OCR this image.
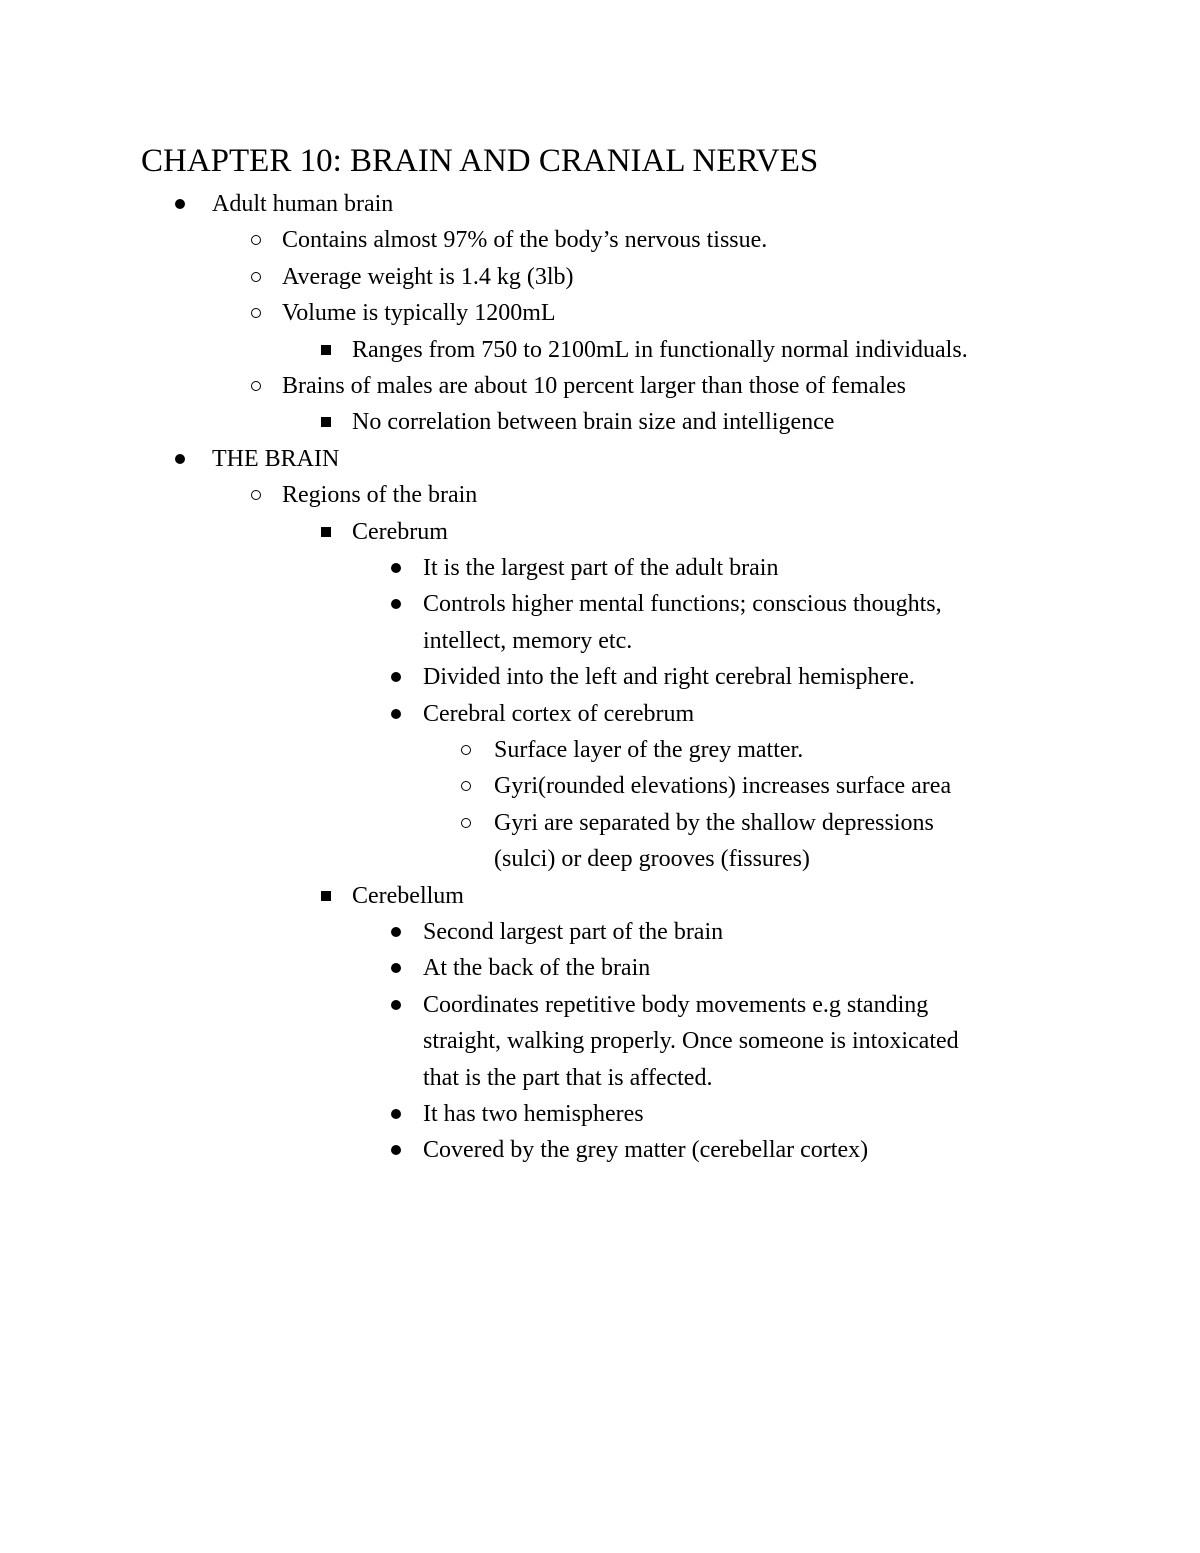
CHAPTER 10: BRAIN AND CRANIAL NERVES
Adult human brain
Contains almost 97% of the body’s nervous tissue.
Average weight is 1.4 kg (3lb)
Volume is typically 1200mL
Ranges from 750 to 2100mL in functionally normal individuals.
Brains of males are about 10 percent larger than those of females
No correlation between brain size and intelligence
THE BRAIN
Regions of the brain
Cerebrum
It is the largest part of the adult brain
Controls higher mental functions; conscious thoughts,
intellect, memory etc.
Divided into the left and right cerebral hemisphere.
Cerebral cortex of cerebrum
Surface layer of the grey matter.
Gyri(rounded elevations) increases surface area
Gyri are separated by the shallow depressions
(sulci) or deep grooves (fissures)
Cerebellum
Second largest part of the brain
At the back of the brain
Coordinates repetitive body movements e.g standing
straight, walking properly. Once someone is intoxicated
that is the part that is affected.
It has two hemispheres
Covered by the grey matter (cerebellar cortex)
